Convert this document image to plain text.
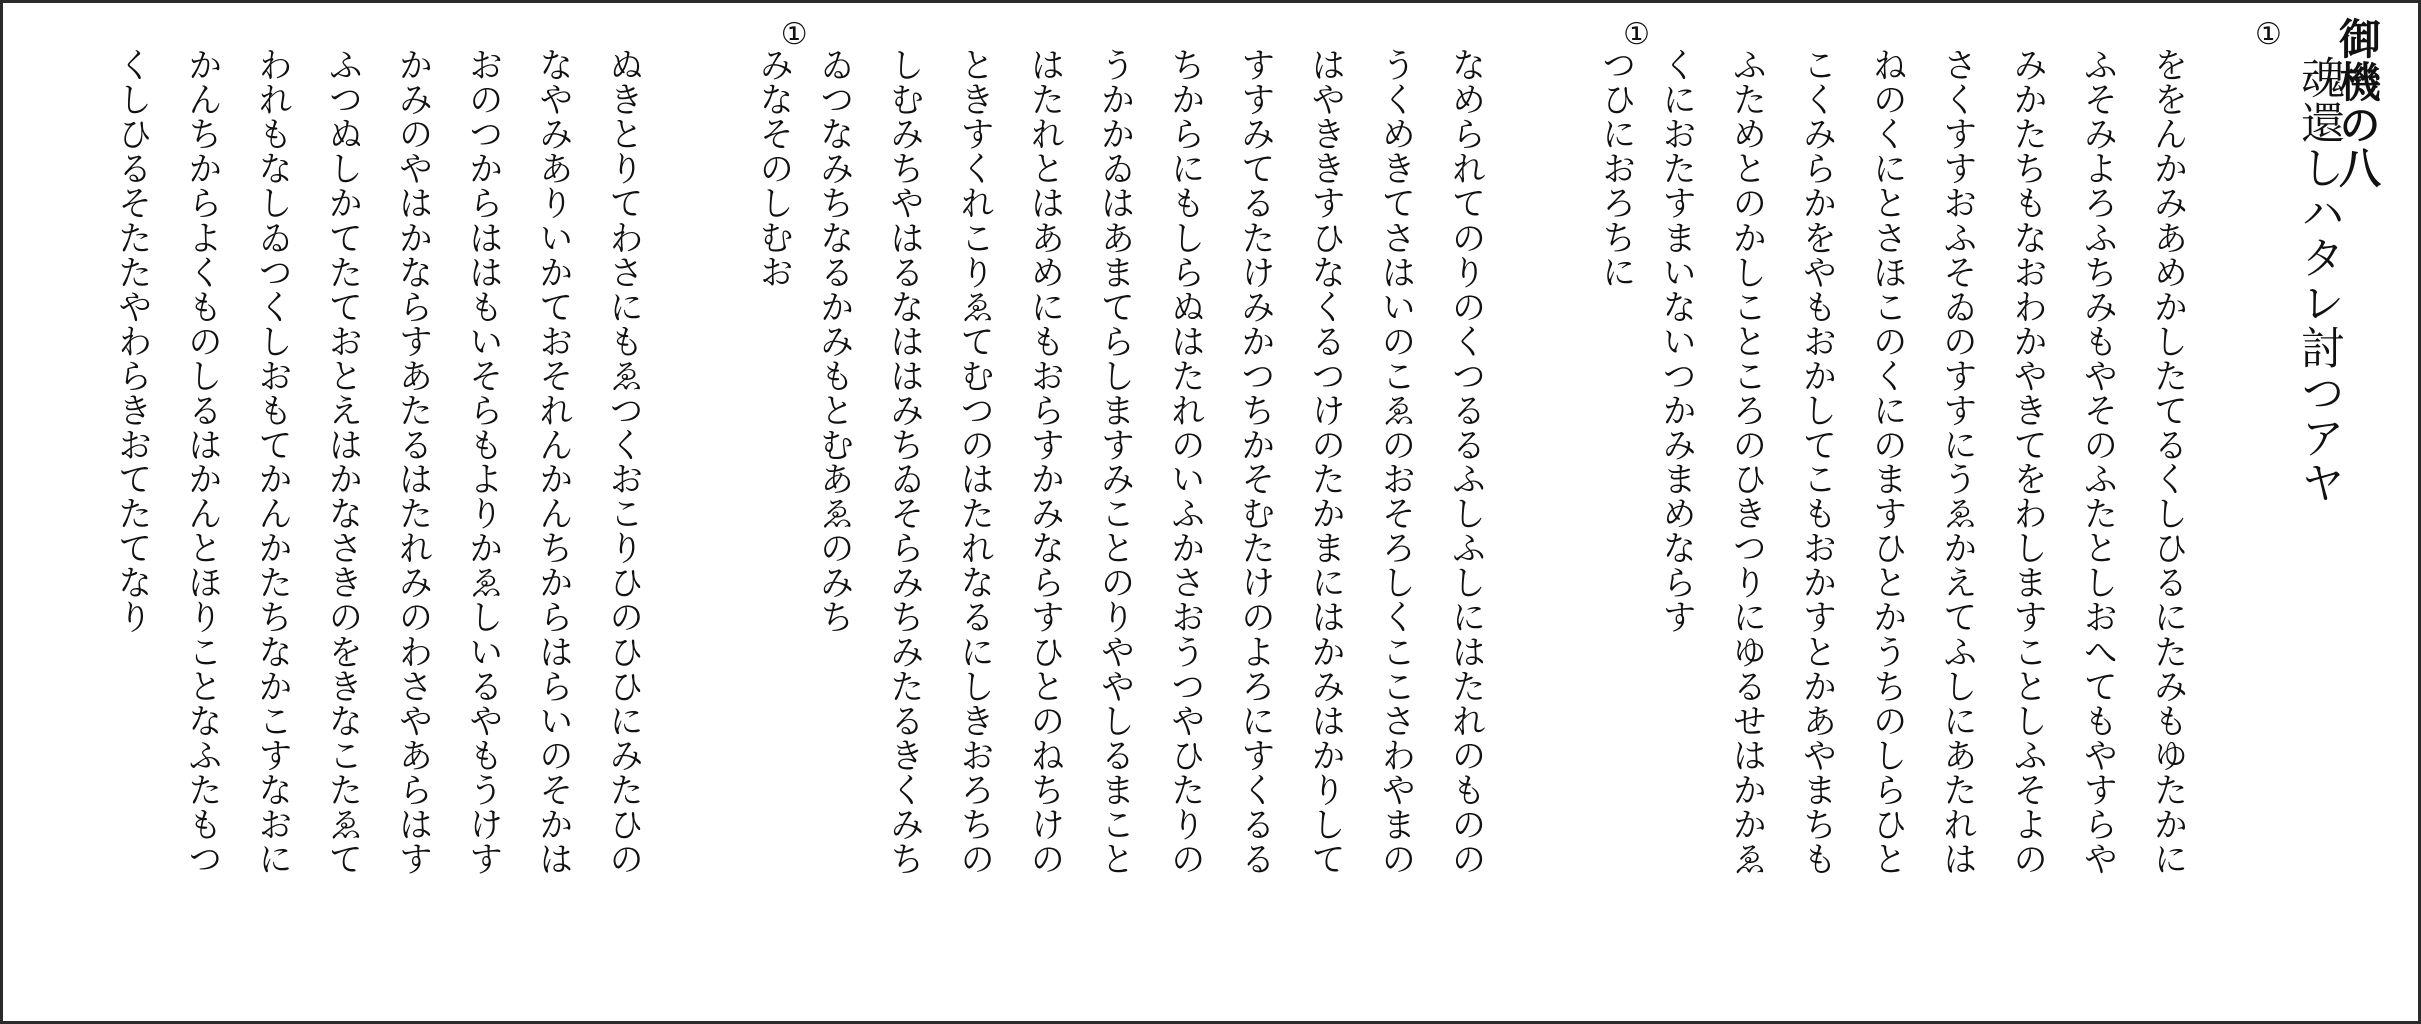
御機の八
魂還しハタレ討つアヤ
①
ををんかみあめかしたてるくしひるにたみもゆたかに
ふそみよろふちみもやそのふたとしおへてもやすらや
みかたちもなおわかやきてをわしますことしふそよの
さくすすおふそゐのすすにうゑかえてふしにあたれは
ねのくにとさほこのくにのますひとかうちのしらひと
こくみらかをやもおかしてこもおかすとかあやまちも
ふためとのかしこところのひきつりにゆるせはかかゑ
くにおたすまいないつかみまめならす
①
つひにおろちに
なめられてのりのくつるるふしふしにはたれのものの
うくめきてさはいのこゑのおそろしくここさわやまの
はやききすひなくるつけのたかまにはかみはかりして
すすみてるたけみかつちかそむたけのよろにすくるる
ちからにもしらぬはたれのいふかさおうつやひたりの
うかかゐはあまてらしますみことのりややしるまこと
はたれとはあめにもおらすかみならすひとのねちけの
ときすくれこりゑてむつのはたれなるにしきおろちの
しむみちやはるなははみちゐそらみちみたるきくみち
ゐつなみちなるかみもとむあゑのみち
①
みなそのしむお
ぬきとりてわさにもゑつくおこりひのひひにみたひの
なやみありいかておそれんかんちからはらいのそかは
おのつからははもいそらもよりかゑしいるやもうけす
かみのやはかならすあたるはたれみのわさやあらはす
ふつぬしかてたておとえはかなさきのをきなこたゑて
われもなしゐつくしおもてかんかたちなかこすなおに
かんちからよくものしるはかんとほりことなふたもつ
くしひるそたたやわらきおてたてなり
